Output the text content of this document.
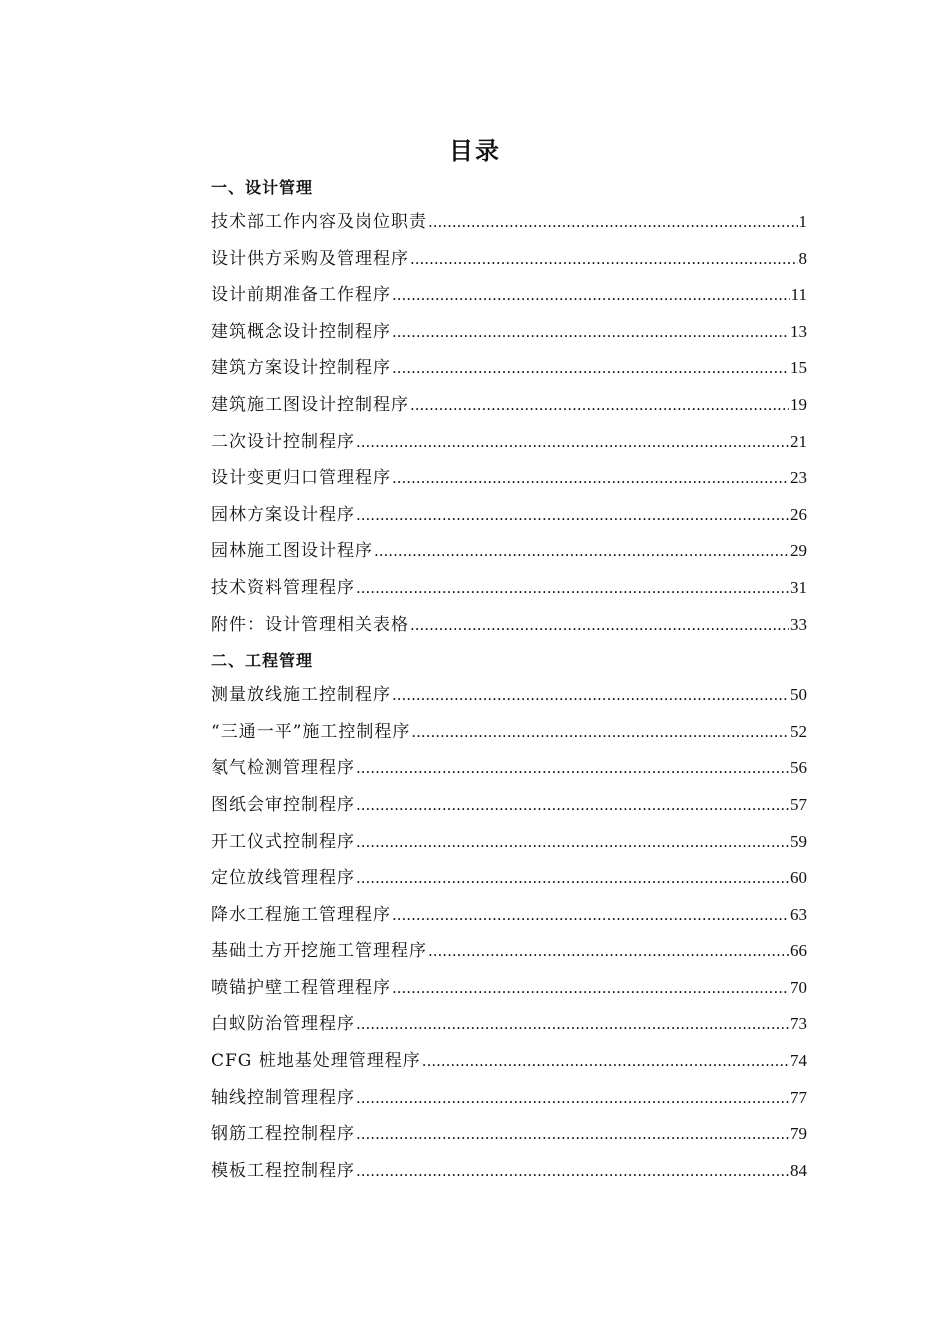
目录
一、设计管理
技术部工作内容及岗位职责 .....	1
设计供方采购及管理程序 .....	8
设计前期准备工作程序 .....	11
建筑概念设计控制程序 .....	13
建筑方案设计控制程序 .....	15
建筑施工图设计控制程序 .....	19
二次设计控制程序 .....	21
设计变更归口管理程序 .....	23
园林方案设计程序 .....	26
园林施工图设计程序 .....	29
技术资料管理程序 .....	31
附件：设计管理相关表格 .....	33
二、工程管理
测量放线施工控制程序 .....	50
“三通一平”施工控制程序 .....	52
氡气检测管理程序 .....	56
图纸会审控制程序 .....	57
开工仪式控制程序 .....	59
定位放线管理程序 .....	60
降水工程施工管理程序 .....	63
基础土方开挖施工管理程序 .....	66
喷锚护壁工程管理程序 .....	70
白蚁防治管理程序 .....	73
CFG 桩地基处理管理程序 .....	74
轴线控制管理程序 .....	77
钢筋工程控制程序 .....	79
模板工程控制程序 .....	84
